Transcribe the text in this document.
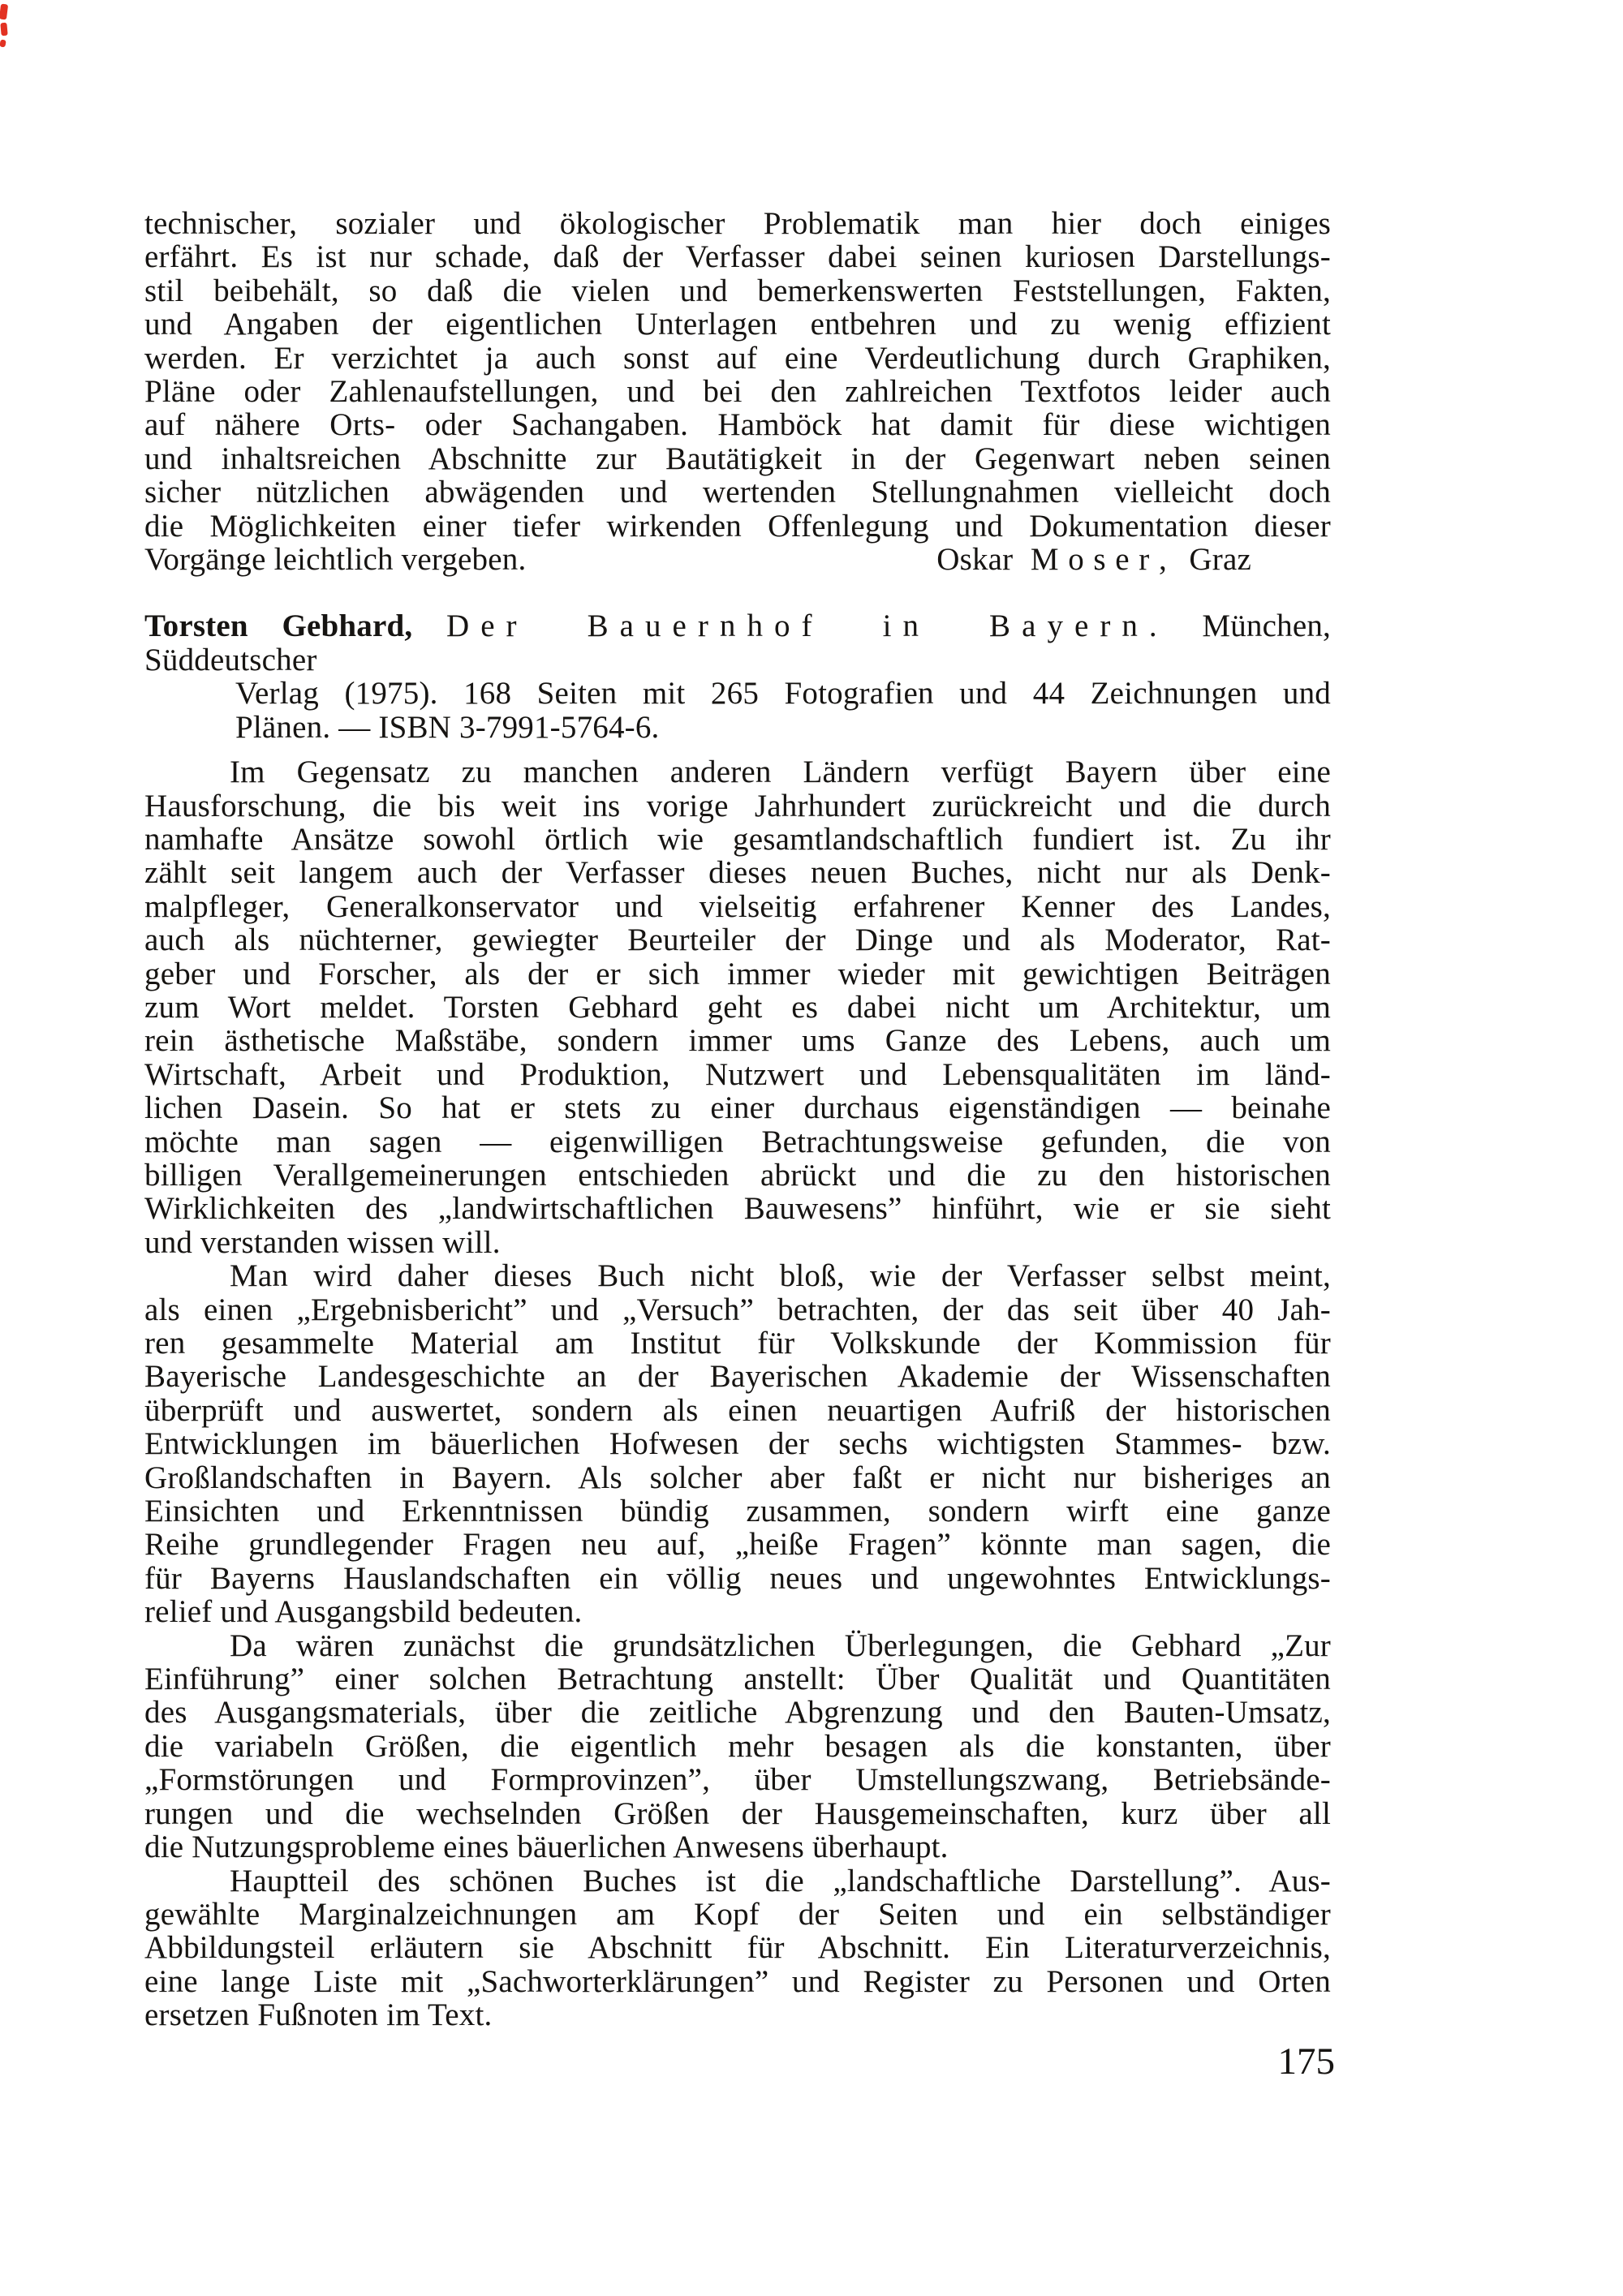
technischer, sozialer und ökologischer Problematik man hier doch einiges
erfährt. Es ist nur schade, daß der Verfasser dabei seinen kuriosen Darstellungs-
stil beibehält, so daß die vielen und bemerkenswerten Feststellungen, Fakten,
und Angaben der eigentlichen Unterlagen entbehren und zu wenig effizient
werden. Er verzichtet ja auch sonst auf eine Verdeutlichung durch Graphiken,
Pläne oder Zahlenaufstellungen, und bei den zahlreichen Textfotos leider auch
auf nähere Orts- oder Sachangaben. Hamböck hat damit für diese wichtigen
und inhaltsreichen Abschnitte zur Bautätigkeit in der Gegenwart neben seinen
sicher nützlichen abwägenden und wertenden Stellungnahmen vielleicht doch
die Möglichkeiten einer tiefer wirkenden Offenlegung und Dokumentation dieser
Vorgänge leichtlich vergeben.	Oskar Moser, Graz
Torsten Gebhard, Der Bauernhof in Bayern. München, Süddeutscher
Verlag (1975). 168 Seiten mit 265 Fotografien und 44 Zeichnungen und
Plänen. — ISBN 3-7991-5764-6.
Im Gegensatz zu manchen anderen Ländern verfügt Bayern über eine
Hausforschung, die bis weit ins vorige Jahrhundert zurückreicht und die durch
namhafte Ansätze sowohl örtlich wie gesamtlandschaftlich fundiert ist. Zu ihr
zählt seit langem auch der Verfasser dieses neuen Buches, nicht nur als Denk-
malpfleger, Generalkonservator und vielseitig erfahrener Kenner des Landes,
auch als nüchterner, gewiegter Beurteiler der Dinge und als Moderator, Rat-
geber und Forscher, als der er sich immer wieder mit gewichtigen Beiträgen
zum Wort meldet. Torsten Gebhard geht es dabei nicht um Architektur, um
rein ästhetische Maßstäbe, sondern immer ums Ganze des Lebens, auch um
Wirtschaft, Arbeit und Produktion, Nutzwert und Lebensqualitäten im länd-
lichen Dasein. So hat er stets zu einer durchaus eigenständigen — beinahe
möchte man sagen — eigenwilligen Betrachtungsweise gefunden, die von
billigen Verallgemeinerungen entschieden abrückt und die zu den historischen
Wirklichkeiten des „landwirtschaftlichen Bauwesens” hinführt, wie er sie sieht
und verstanden wissen will.
Man wird daher dieses Buch nicht bloß, wie der Verfasser selbst meint,
als einen „Ergebnisbericht” und „Versuch” betrachten, der das seit über 40 Jah-
ren gesammelte Material am Institut für Volkskunde der Kommission für
Bayerische Landesgeschichte an der Bayerischen Akademie der Wissenschaften
überprüft und auswertet, sondern als einen neuartigen Aufriß der historischen
Entwicklungen im bäuerlichen Hofwesen der sechs wichtigsten Stammes- bzw.
Großlandschaften in Bayern. Als solcher aber faßt er nicht nur bisheriges an
Einsichten und Erkenntnissen bündig zusammen, sondern wirft eine ganze
Reihe grundlegender Fragen neu auf, „heiße Fragen” könnte man sagen, die
für Bayerns Hauslandschaften ein völlig neues und ungewohntes Entwicklungs-
relief und Ausgangsbild bedeuten.
Da wären zunächst die grundsätzlichen Überlegungen, die Gebhard „Zur
Einführung” einer solchen Betrachtung anstellt: Über Qualität und Quantitäten
des Ausgangsmaterials, über die zeitliche Abgrenzung und den Bauten-Umsatz,
die variabeln Größen, die eigentlich mehr besagen als die konstanten, über
„Formstörungen und Formprovinzen”, über Umstellungszwang, Betriebsände-
rungen und die wechselnden Größen der Hausgemeinschaften, kurz über all
die Nutzungsprobleme eines bäuerlichen Anwesens überhaupt.
Hauptteil des schönen Buches ist die „landschaftliche Darstellung”. Aus-
gewählte Marginalzeichnungen am Kopf der Seiten und ein selbständiger
Abbildungsteil erläutern sie Abschnitt für Abschnitt. Ein Literaturverzeichnis,
eine lange Liste mit „Sachworterklärungen” und Register zu Personen und Orten
ersetzen Fußnoten im Text.
175
